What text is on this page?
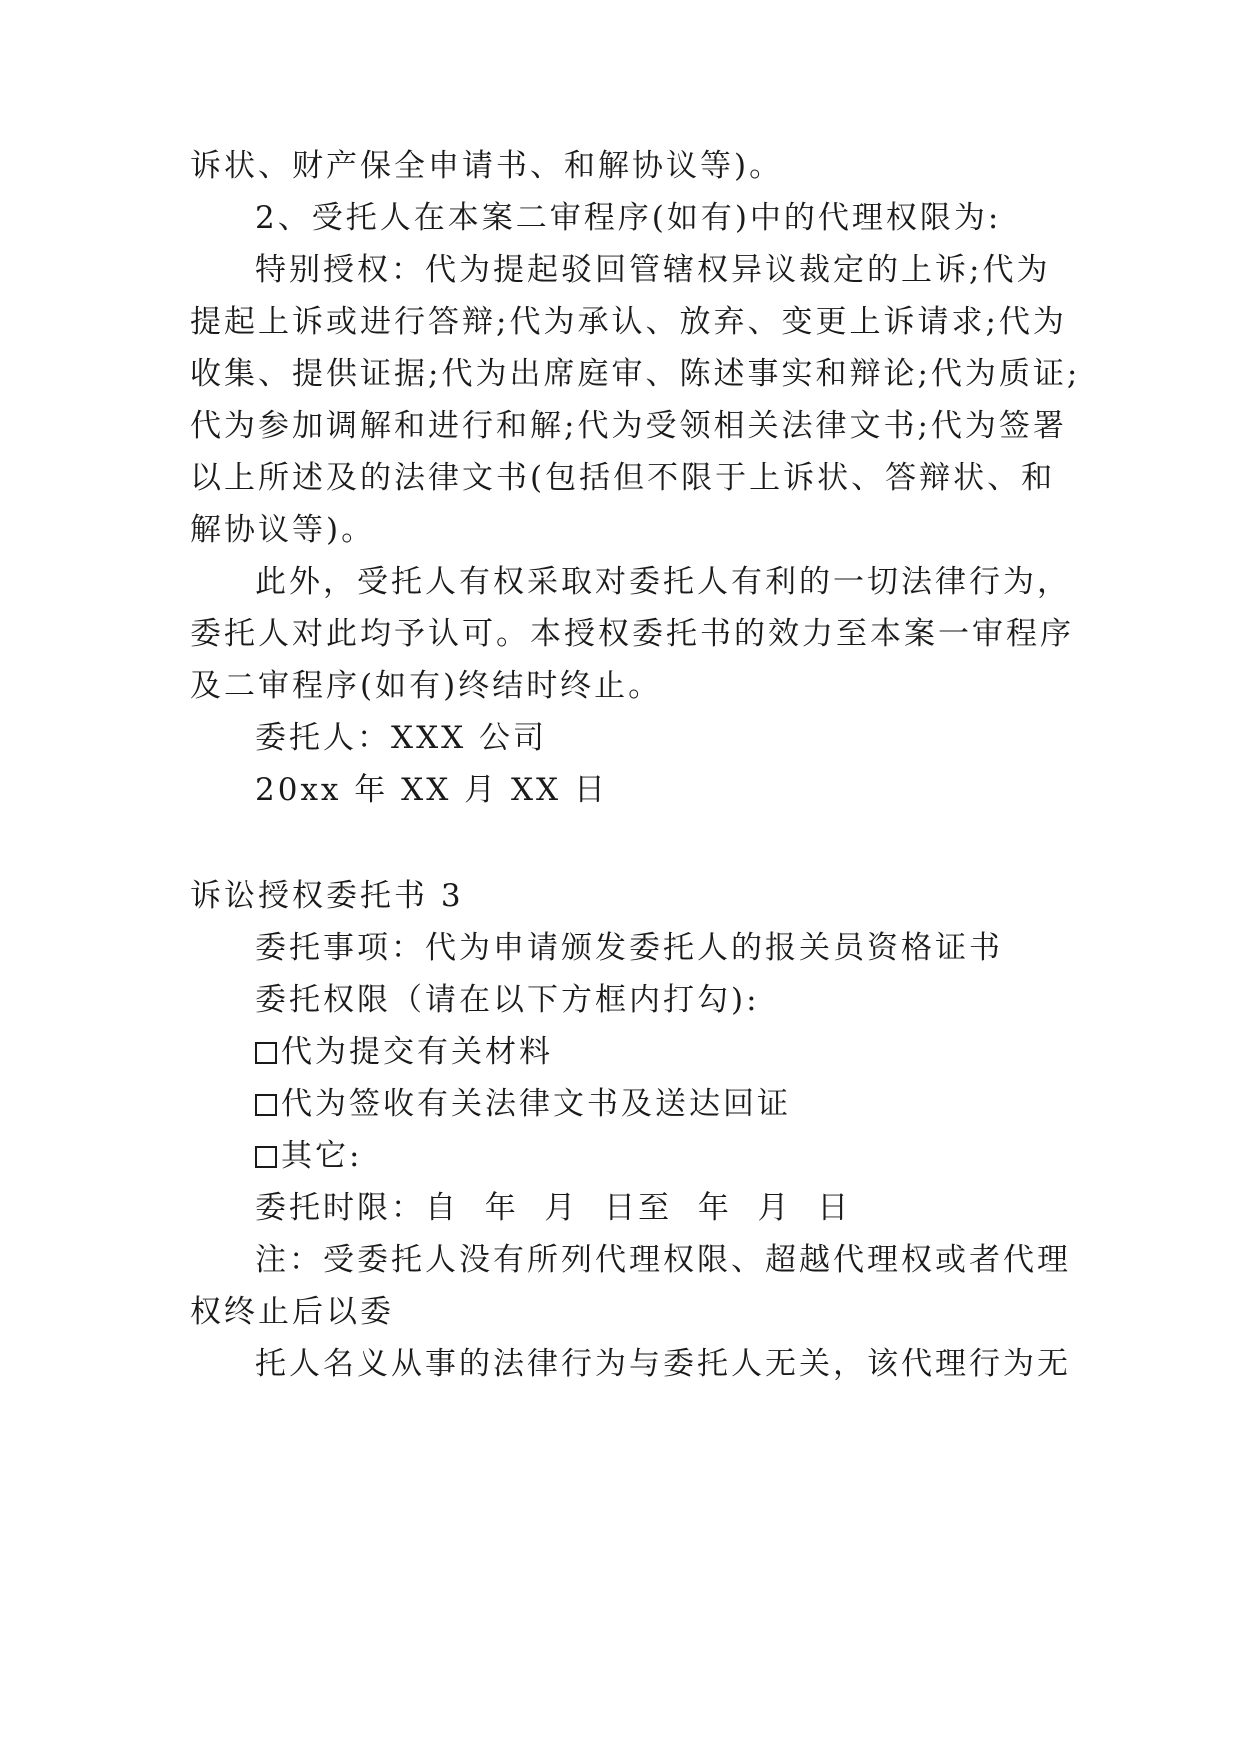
诉状、财产保全申请书、和解协议等)。

2、受托人在本案二审程序(如有)中的代理权限为:

特别授权：代为提起驳回管辖权异议裁定的上诉;代为

提起上诉或进行答辩;代为承认、放弃、变更上诉请求;代为

收集、提供证据;代为出席庭审、陈述事实和辩论;代为质证;

代为参加调解和进行和解;代为受领相关法律文书;代为签署

以上所述及的法律文书(包括但不限于上诉状、答辩状、和

解协议等)。

此外，受托人有权采取对委托人有利的一切法律行为，

委托人对此均予认可。本授权委托书的效力至本案一审程序

及二审程序(如有)终结时终止。

委托人：XXX 公司

20xx 年 XX 月 XX 日

诉讼授权委托书 3

委托事项：代为申请颁发委托人的报关员资格证书

委托权限（请在以下方框内打勾):

代为提交有关材料
代为签收有关法律文书及送达回证
其它:

委托时限：自  年  月  日至  年  月  日

注：受委托人没有所列代理权限、超越代理权或者代理

权终止后以委

托人名义从事的法律行为与委托人无关，该代理行为无
